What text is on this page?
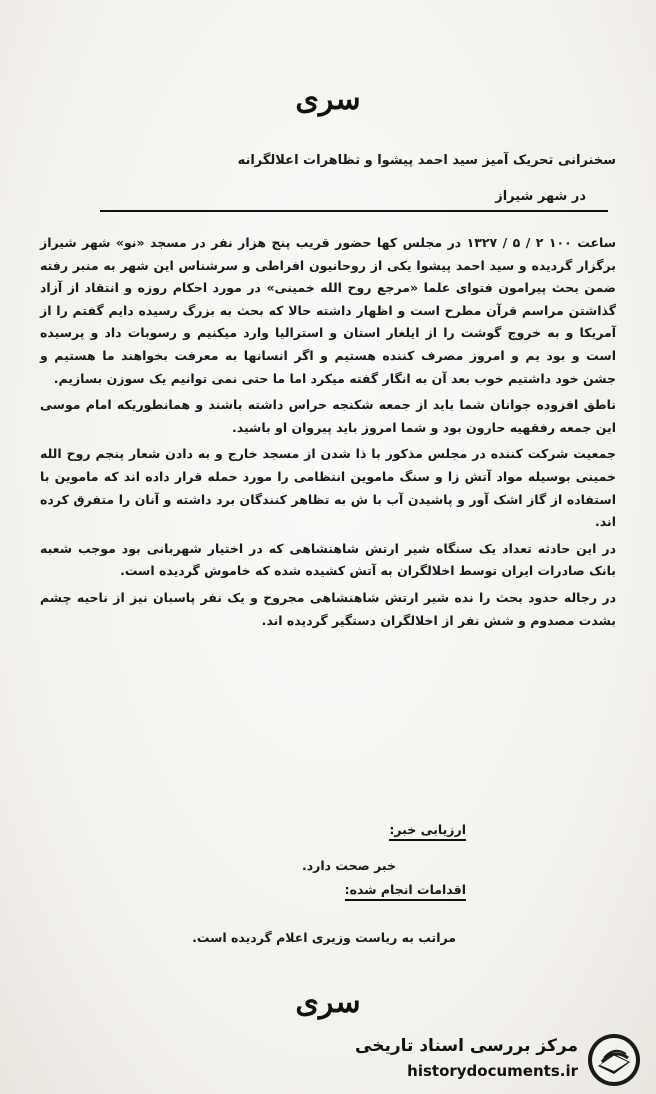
سری
سخنرانی تحریک آمیز سید احمد پیشوا و تظاهرات اعلالگرانه
در شهر شیراز

ساعت ۱۰۰ ۲ / ۵ / ۱۳۲۷ در مجلس کها حضور قریب پنج هزار نفر در مسجد «نو» شهر شیراز برگزار گردیده و سید احمد پیشوا یکی از روحانیون افراطی و سرشناس این شهر به منبر رفته ضمن بحث پیرامون فتوای علما «مرجع روح الله خمینی» در مورد احکام روزه و انتقاد از آزاد گذاشتن مراسم قرآن مطرح است و اظهار داشته حالا که بحث به بزرگ رسیده دایم گفتم را از آمریکا و به خروج گوشت را از ایلغار استان و استرالیا وارد میکنیم و رسوبات داد و پرسیده است و بود یم و امروز مصرف کننده هستیم و اگر انسانها به معرفت بخواهند ما هستیم و جشن خود داشتیم خوب بعد آن به انگار گفته میکرد اما ما حتی نمی توانیم یک سوزن بسازیم.

ناطق افزوده جوانان شما باید از جمعه شکنجه حراس داشته باشند و همانطوریکه امام موسی این جمعه رفقهیه حارون بود و شما امروز باید پیروان او باشید.

جمعیت شرکت کننده در مجلس مذکور با ذا شدن از مسجد خارج و به دادن شعار پنجم روح الله خمینی بوسیله مواد آتش زا و سنگ ماموین انتظامی را مورد حمله قرار داده اند که ماموین با استفاده از گاز اشک آور و پاشیدن آب با ش به تظاهر کنندگان برد داشته و آنان را متفرق کرده اند.

در این حادثه تعداد یک سنگاه شیر ارتش شاهنشاهی که در اختیار شهربانی بود موجب شعبه بانک صادرات ایران توسط اخلالگران به آتش کشیده شده که خاموش گردیده است.

در رجاله حدود بحث را نده شیر ارتش شاهنشاهی مجروح و یک نفر پاسبان نیز از ناحیه چشم بشدت مصدوم و شش نفر از اخلالگران دستگیر گردیده اند.

ارزیابی خبر:
خبر صحت دارد.
اقدامات انجام شده:
مراتب به ریاست وزیری اعلام گردیده است.
سری
مرکز بررسی اسناد تاریخی
historydocuments.ir
